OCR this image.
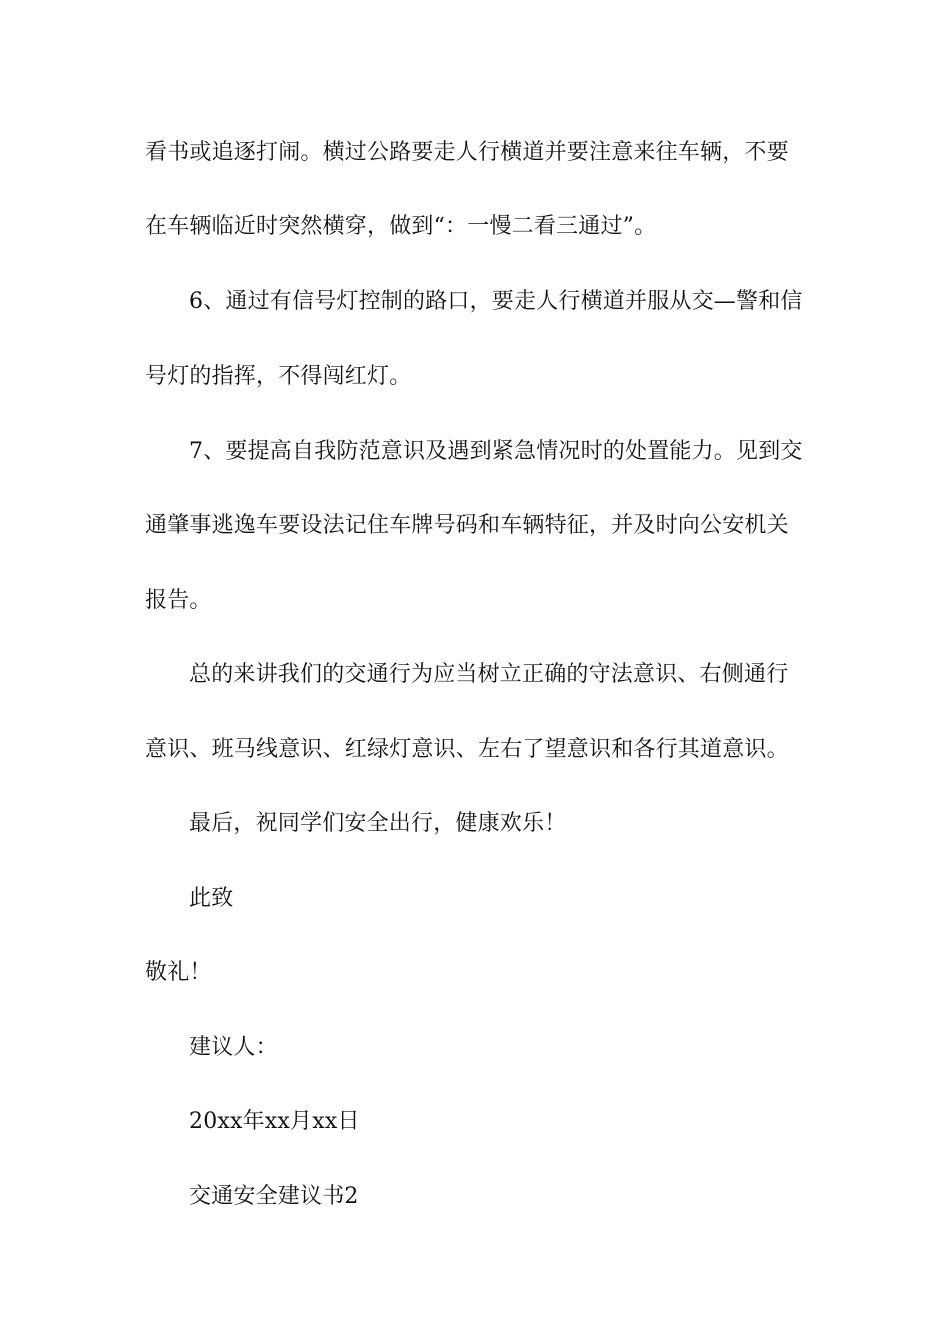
看书或追逐打闹。横过公路要走人行横道并要注意来往车辆，不要
在车辆临近时突然横穿，做到“：一慢二看三通过”。
6、通过有信号灯控制的路口，要走人行横道并服从交—警和信
号灯的指挥，不得闯红灯。
7、要提高自我防范意识及遇到紧急情况时的处置能力。见到交
通肇事逃逸车要设法记住车牌号码和车辆特征，并及时向公安机关
报告。
总的来讲我们的交通行为应当树立正确的守法意识、右侧通行
意识、班马线意识、红绿灯意识、左右了望意识和各行其道意识。
最后，祝同学们安全出行，健康欢乐！
此致
敬礼！
建议人：
20xx年xx月xx日
交通安全建议书2
